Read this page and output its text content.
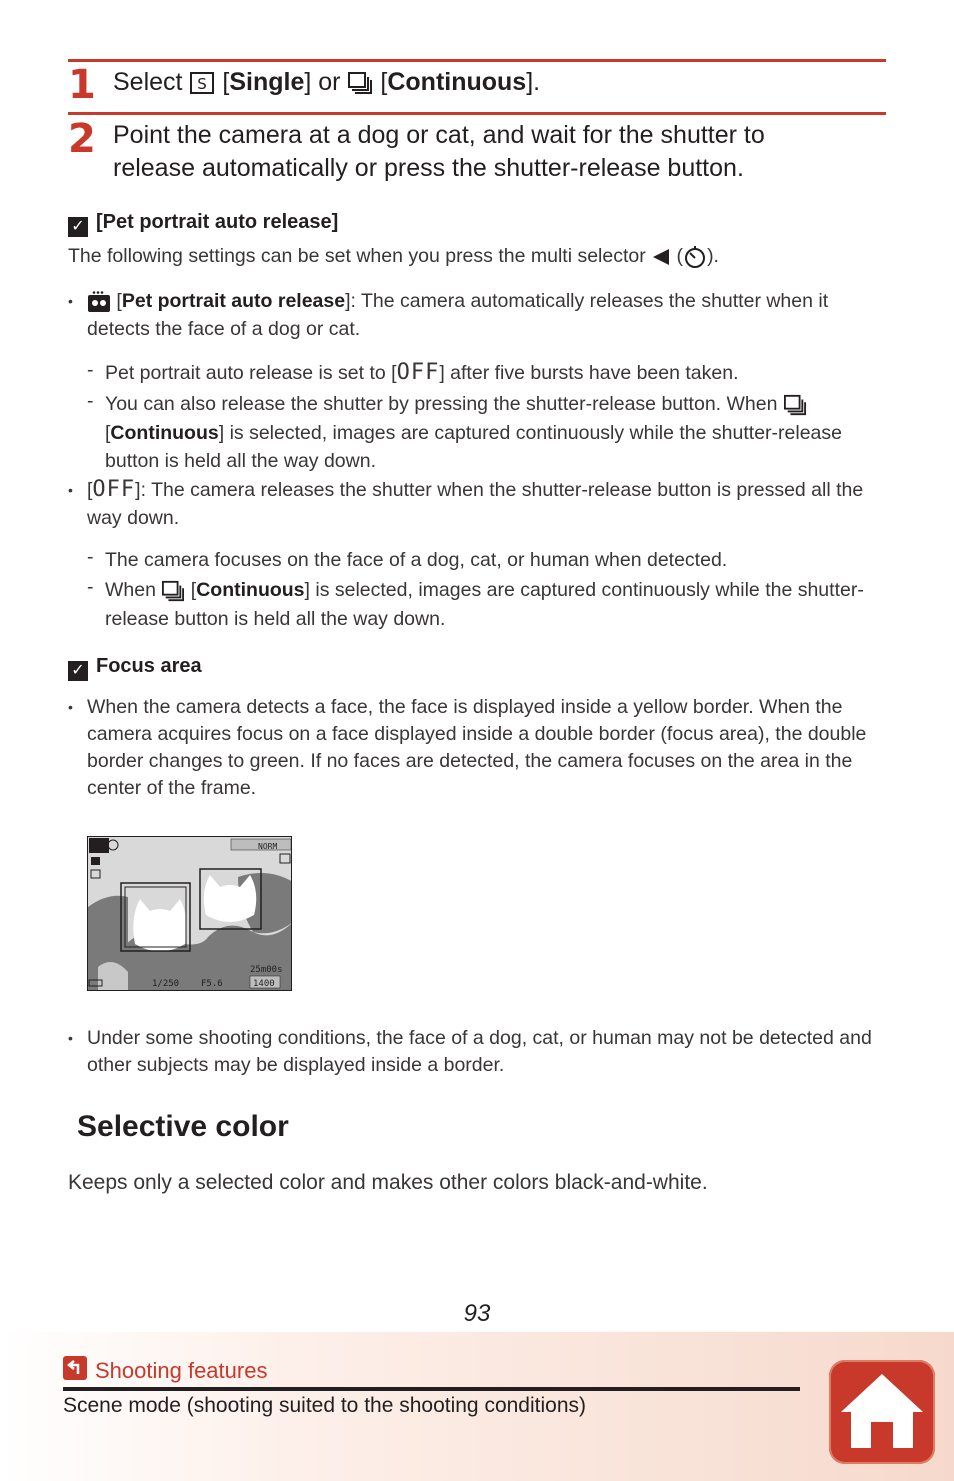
1 Select S [Single] or  [Continuous].
2 Point the camera at a dog or cat, and wait for the shutter to release automatically or press the shutter-release button.
✓ [Pet portrait auto release]
The following settings can be set when you press the multi selector  ( ).
• [Pet portrait auto release]: The camera automatically releases the shutter when it detects the face of a dog or cat.
- Pet portrait auto release is set to [OFF] after five bursts have been taken.
- You can also release the shutter by pressing the shutter-release button. When  [Continuous] is selected, images are captured continuously while the shutter-release button is held all the way down.
• [OFF]: The camera releases the shutter when the shutter-release button is pressed all the way down.
- The camera focuses on the face of a dog, cat, or human when detected.
- When  [Continuous] is selected, images are captured continuously while the shutter-release button is held all the way down.
✓ Focus area
• When the camera detects a face, the face is displayed inside a yellow border. When the camera acquires focus on a face displayed inside a double border (focus area), the double border changes to green. If no faces are detected, the camera focuses on the area in the center of the frame.
NORM
1/250 F5.6
25m00s
1400
• Under some shooting conditions, the face of a dog, cat, or human may not be detected and other subjects may be displayed inside a border.
Selective color
Keeps only a selected color and makes other colors black-and-white.
93
Shooting features
Scene mode (shooting suited to the shooting conditions)
